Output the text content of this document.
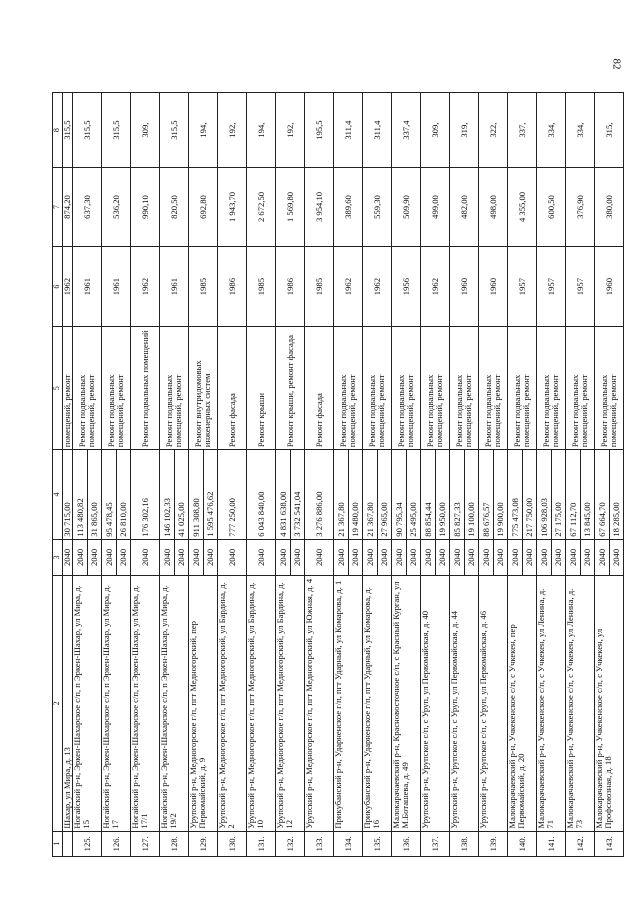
82
1	2	3	4	5	6	7	8
	Шахар, ул Мира, д. 13	2040	30 715,00	помещений, ремонт	1962	874,20	315,5
125.	Ногайский р-н, Эркен-Шахарское с/п, п Эркен-Шахар, ул Мира, д. 15	2040 2040	113 480,82 31 865,00	Ремонт подвальных помещений, ремонт	1961	637,30	315,5
126.	Ногайский р-н, Эркен-Шахарское с/п, п Эркен-Шахар, ул Мира, д. 17	2040 2040	95 478,45 26 810,00	Ремонт подвальных помещений, ремонт	1961	536,20	315,5
127.	Ногайский р-н, Эркен-Шахарское с/п, п Эркен-Шахар, ул Мира, д. 17/1	2040	176 302,16	Ремонт подвальных помещений	1962	990,10	309,
128.	Ногайский р-н, Эркен-Шахарское с/п, п Эркен-Шахар, ул Мира, д. 19/2	2040 2040	146 102,33 41 025,00	Ремонт подвальных помещений, ремонт	1961	820,50	315,5
129.	Урупский р-н, Медногорское г/п, пгт Медногорский, пер Первомайский, д. 9	2040 2040	911 308,80 1 595 476,62	Ремонт внутридомовых инженерных систем	1985	692,80	194,
130.	Урупский р-н, Медногорское г/п, пгт Медногорский, ул Бардина, д. 2	2040	777 250,00	Ремонт фасада	1986	1 943,70	192,
131.	Урупский р-н, Медногорское г/п, пгт Медногорский, ул Бардина, д. 10	2040	6 043 840,00	Ремонт крыши	1985	2 672,50	194,
132.	Урупский р-н, Медногорское г/п, пгт Медногорский, ул Бардина, д. 12	2040 2040	4 831 638,00 3 732 541,04	Ремонт крыши, ремонт фасада	1986	1 569,80	192,
133.	Урупский р-н, Медногорское г/п, пгт Медногорский, ул Южная, д. 4	2040	3 276 886,00	Ремонт фасада	1985	3 954,10	195,5
134.	Прикубанский р-н, Ударненское г/п, пгт Ударный, ул Комарова, д. 1	2040 2040	21 367,80 19 480,00	Ремонт подвальных помещений, ремонт	1962	389,60	311,4
135.	Прикубанский р-н, Ударненское г/п, пгт Ударный, ул Комарова, д. 16	2040 2040	21 367,80 27 965,00	Ремонт подвальных помещений, ремонт	1962	559,30	311,4
136.	Малокарачаевский р-н, Красновосточное с/п, с Красный Курган, ул М.Боташева, д. 49	2040 2040	90 795,34 25 495,00	Ремонт подвальных помещений, ремонт	1956	509,90	337,4
137.	Урупский р-н, Урупское с/п, с Уруп, ул Первомайская, д. 40	2040 2040	88 854,44 19 950,00	Ремонт подвальных помещений, ремонт	1962	499,00	309,
138.	Урупский р-н, Урупское с/п, с Уруп, ул Первомайская, д. 44	2040 2040	85 827,33 19 100,00	Ремонт подвальных помещений, ремонт	1960	482,00	319,
139.	Урупский р-н, Урупское с/п, с Уруп, ул Первомайская, д. 46	2040 2040	88 676,57 19 900,00	Ремонт подвальных помещений, ремонт	1960	498,00	322,
140.	Малокарачаевский р-н, Учкекенское с/п, с Учкекен, пер Первомайский, д. 20	2040 2040	775 473,08 217 750,00	Ремонт подвальных помещений, ремонт	1957	4 355,00	337,
141.	Малокарачаевский р-н, Учкекенское с/п, с Учкекен, ул Ленина, д. 71	2040 2040	106 928,03 27 175,00	Ремонт подвальных помещений, ремонт	1957	600,50	334,
142.	Малокарачаевский р-н, Учкекенское с/п, с Учкекен, ул Ленина, д. 73	2040 2040	67 112,70 13 845,00	Ремонт подвальных помещений, ремонт	1957	376,90	334,
143.	Малокарачаевский р-н, Учкекенское с/п, с Учкекен, ул Профсоюзная, д. 18	2040 2040	67 664,70 18 285,00	Ремонт подвальных помещений, ремонт	1960	380,00	315,
